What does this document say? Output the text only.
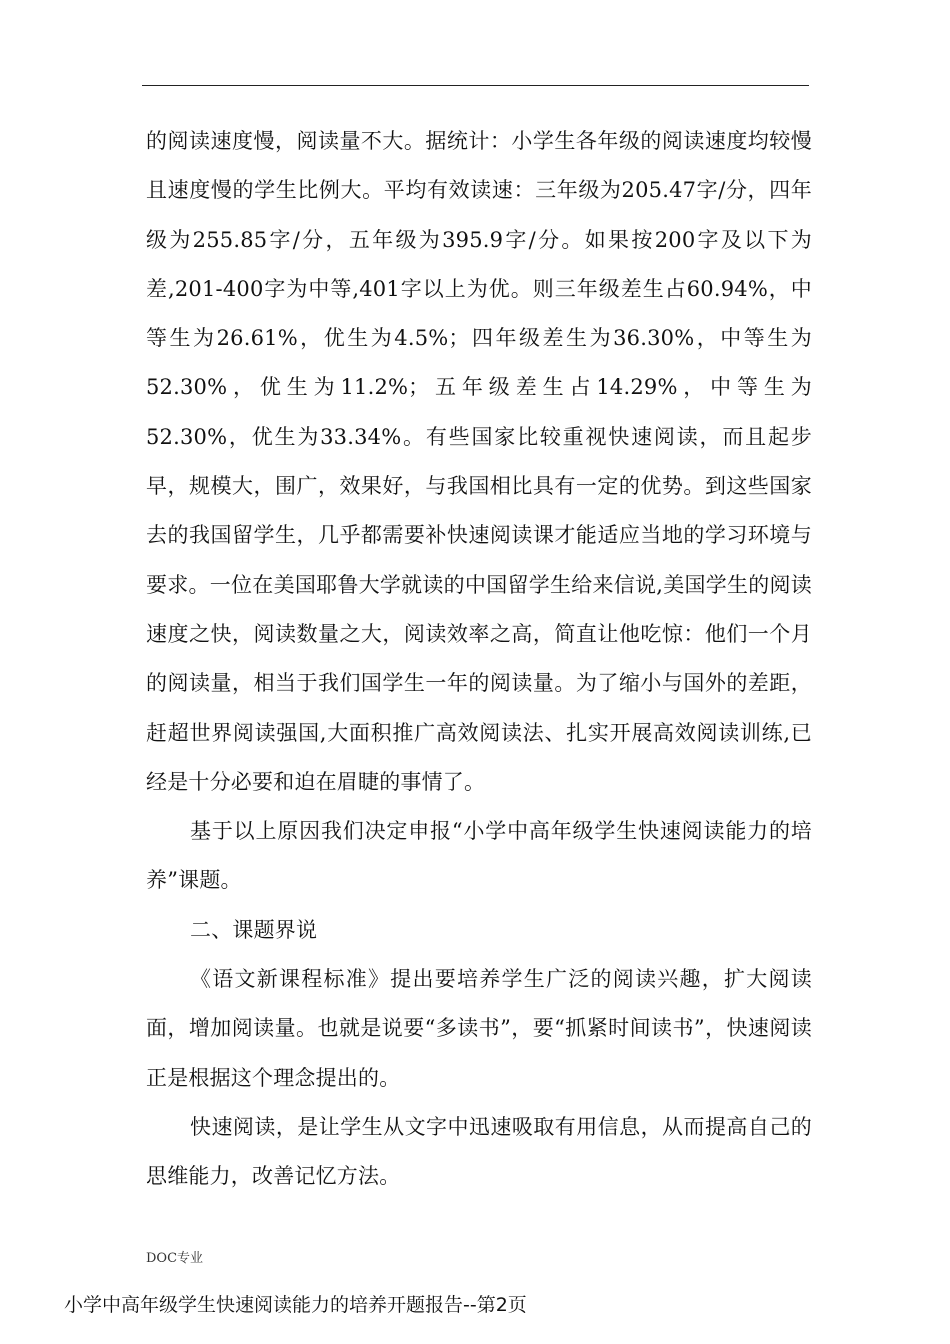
的阅读速度慢，阅读量不大。据统计：小学生各年级的阅读速度均较慢且速度慢的学生比例大。平均有效读速：三年级为205.47字/分，四年级为255.85字/分，五年级为395.9字/分。如果按200字及以下为差,201-400字为中等,401字以上为优。则三年级差生占60.94%，中等生为26.61%，优生为4.5%；四年级差生为36.30%，中等生为52.30%，优生为11.2%；五年级差生占14.29%，中等生为52.30%，优生为33.34%。有些国家比较重视快速阅读，而且起步早，规模大，围广，效果好，与我国相比具有一定的优势。到这些国家去的我国留学生，几乎都需要补快速阅读课才能适应当地的学习环境与要求。一位在美国耶鲁大学就读的中国留学生给来信说,美国学生的阅读速度之快，阅读数量之大，阅读效率之高，简直让他吃惊：他们一个月的阅读量，相当于我们国学生一年的阅读量。为了缩小与国外的差距，赶超世界阅读强国,大面积推广高效阅读法、扎实开展高效阅读训练,已经是十分必要和迫在眉睫的事情了。

基于以上原因我们决定申报“小学中高年级学生快速阅读能力的培养”课题。

二、课题界说

《语文新课程标准》提出要培养学生广泛的阅读兴趣，扩大阅读面，增加阅读量。也就是说要“多读书”，要“抓紧时间读书”，快速阅读正是根据这个理念提出的。

快速阅读，是让学生从文字中迅速吸取有用信息，从而提高自己的思维能力，改善记忆方法。

DOC专业
小学中高年级学生快速阅读能力的培养开题报告--第2页
